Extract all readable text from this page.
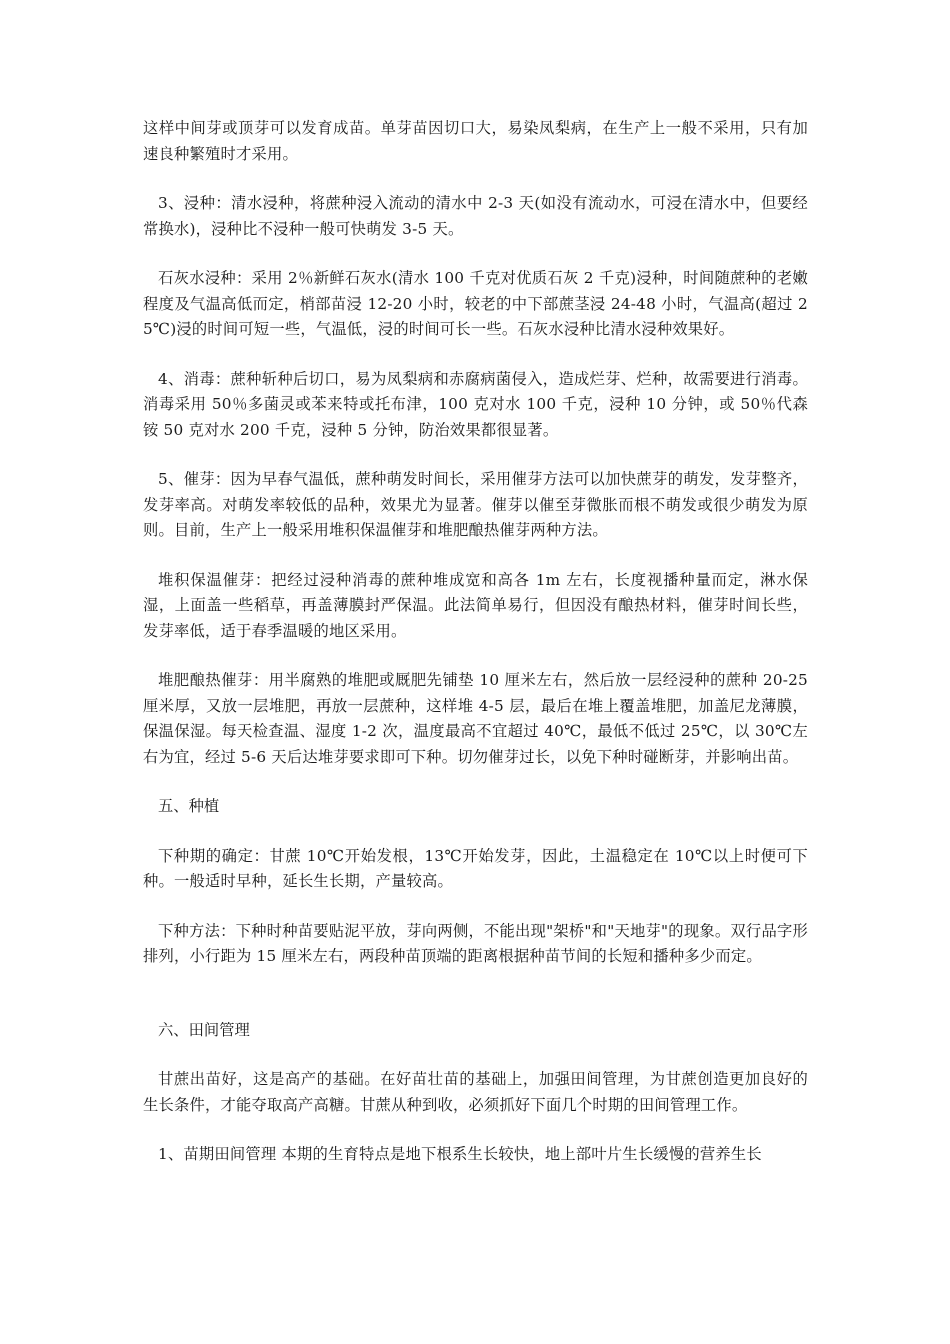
这样中间芽或顶芽可以发育成苗。单芽苗因切口大，易染凤梨病，在生产上一般不采用，只有加速良种繁殖时才采用。

3、浸种：清水浸种，将蔗种浸入流动的清水中 2-3 天(如没有流动水，可浸在清水中，但要经常换水)，浸种比不浸种一般可快萌发 3-5 天。

石灰水浸种：采用 2％新鲜石灰水(清水 100 千克对优质石灰 2 千克)浸种，时间随蔗种的老嫩程度及气温高低而定，梢部苗浸 12-20 小时，较老的中下部蔗茎浸 24-48 小时，气温高(超过 25℃)浸的时间可短一些，气温低，浸的时间可长一些。石灰水浸种比清水浸种效果好。

4、消毒：蔗种斩种后切口，易为凤梨病和赤腐病菌侵入，造成烂芽、烂种，故需要进行消毒。消毒采用 50％多菌灵或苯来特或托布津，100 克对水 100 千克，浸种 10 分钟，或 50％代森铵 50 克对水 200 千克，浸种 5 分钟，防治效果都很显著。

5、催芽：因为早春气温低，蔗种萌发时间长，采用催芽方法可以加快蔗芽的萌发，发芽整齐，发芽率高。对萌发率较低的品种，效果尤为显著。催芽以催至芽微胀而根不萌发或很少萌发为原则。目前，生产上一般采用堆积保温催芽和堆肥酿热催芽两种方法。

堆积保温催芽：把经过浸种消毒的蔗种堆成宽和高各 1m 左右，长度视播种量而定，淋水保湿，上面盖一些稻草，再盖薄膜封严保温。此法简单易行，但因没有酿热材料，催芽时间长些，发芽率低，适于春季温暖的地区采用。

堆肥酿热催芽：用半腐熟的堆肥或厩肥先铺垫 10 厘米左右，然后放一层经浸种的蔗种 20-25 厘米厚，又放一层堆肥，再放一层蔗种，这样堆 4-5 层，最后在堆上覆盖堆肥，加盖尼龙薄膜，保温保湿。每天检查温、湿度 1-2 次，温度最高不宜超过 40℃，最低不低过 25℃，以 30℃左右为宜，经过 5-6 天后达堆芽要求即可下种。切勿催芽过长，以免下种时碰断芽，并影响出苗。

五、种植

下种期的确定：甘蔗 10℃开始发根，13℃开始发芽，因此，土温稳定在 10℃以上时便可下种。一般适时早种，延长生长期，产量较高。

下种方法：下种时种苗要贴泥平放，芽向两侧，不能出现"架桥"和"天地芽"的现象。双行品字形排列，小行距为 15 厘米左右，两段种苗顶端的距离根据种苗节间的长短和播种多少而定。

六、田间管理

甘蔗出苗好，这是高产的基础。在好苗壮苗的基础上，加强田间管理，为甘蔗创造更加良好的生长条件，才能夺取高产高糖。甘蔗从种到收，必须抓好下面几个时期的田间管理工作。

1、苗期田间管理 本期的生育特点是地下根系生长较快，地上部叶片生长缓慢的营养生长
